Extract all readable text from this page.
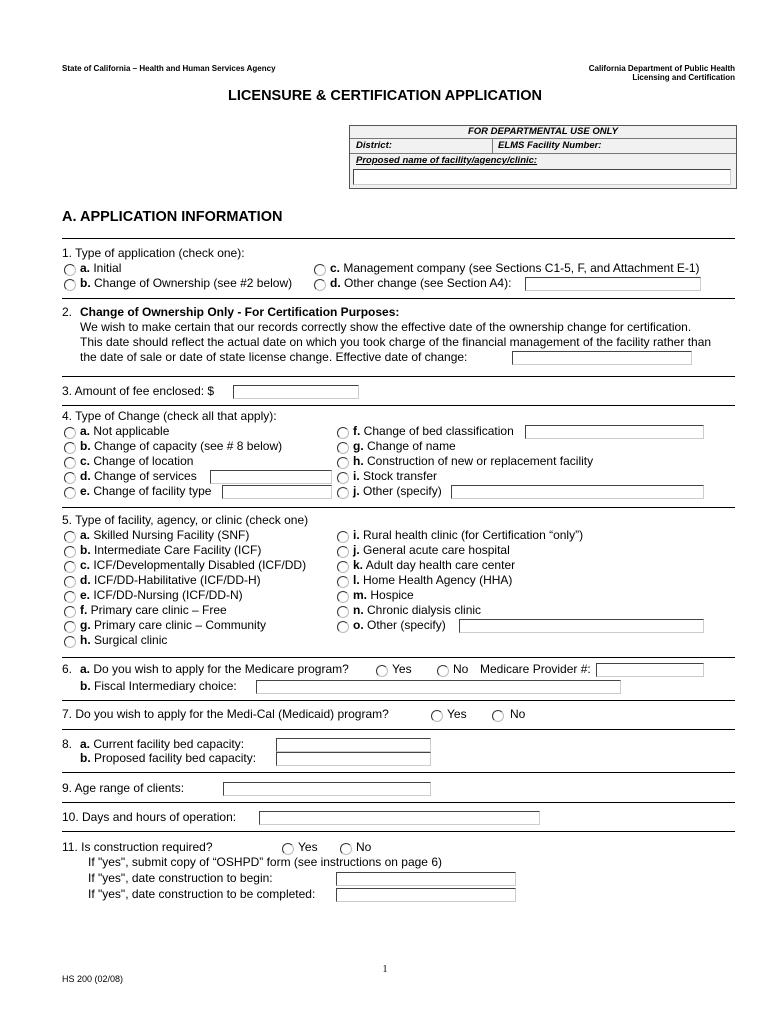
State of California – Health and Human Services Agency	California Department of Public Health
Licensing and Certification
LICENSURE & CERTIFICATION APPLICATION
FOR DEPARTMENTAL USE ONLY
District:	ELMS Facility Number:
Proposed name of facility/agency/clinic:
A. APPLICATION INFORMATION
1. Type of application (check one):
a. Initial
b. Change of Ownership (see #2 below)
c. Management company (see Sections C1-5, F, and Attachment E-1)
d. Other change (see Section A4):
2. Change of Ownership Only - For Certification Purposes:
We wish to make certain that our records correctly show the effective date of the ownership change for certification.
This date should reflect the actual date on which you took charge of the financial management of the facility rather than
the date of sale or date of state license change. Effective date of change:
3. Amount of fee enclosed: $
4. Type of Change (check all that apply):
a. Not applicable
b. Change of capacity (see # 8 below)
c. Change of location
d. Change of services
e. Change of facility type
f. Change of bed classification
g. Change of name
h. Construction of new or replacement facility
i. Stock transfer
j. Other (specify)
5. Type of facility, agency, or clinic (check one)
a. Skilled Nursing Facility (SNF)
b. Intermediate Care Facility (ICF)
c. ICF/Developmentally Disabled (ICF/DD)
d. ICF/DD-Habilitative (ICF/DD-H)
e. ICF/DD-Nursing (ICF/DD-N)
f. Primary care clinic – Free
g. Primary care clinic – Community
h. Surgical clinic
i. Rural health clinic (for Certification “only”)
j. General acute care hospital
k. Adult day health care center
l. Home Health Agency (HHA)
m. Hospice
n. Chronic dialysis clinic
o. Other (specify)
6. a. Do you wish to apply for the Medicare program?	Yes	No Medicare Provider #:
b. Fiscal Intermediary choice:
7. Do you wish to apply for the Medi-Cal (Medicaid) program?	Yes	No
8. a. Current facility bed capacity:
b. Proposed facility bed capacity:
9. Age range of clients:
10. Days and hours of operation:
11. Is construction required?	Yes	No
If "yes", submit copy of “OSHPD” form (see instructions on page 6)
If "yes", date construction to begin:
If "yes", date construction to be completed:
1
HS 200 (02/08)
